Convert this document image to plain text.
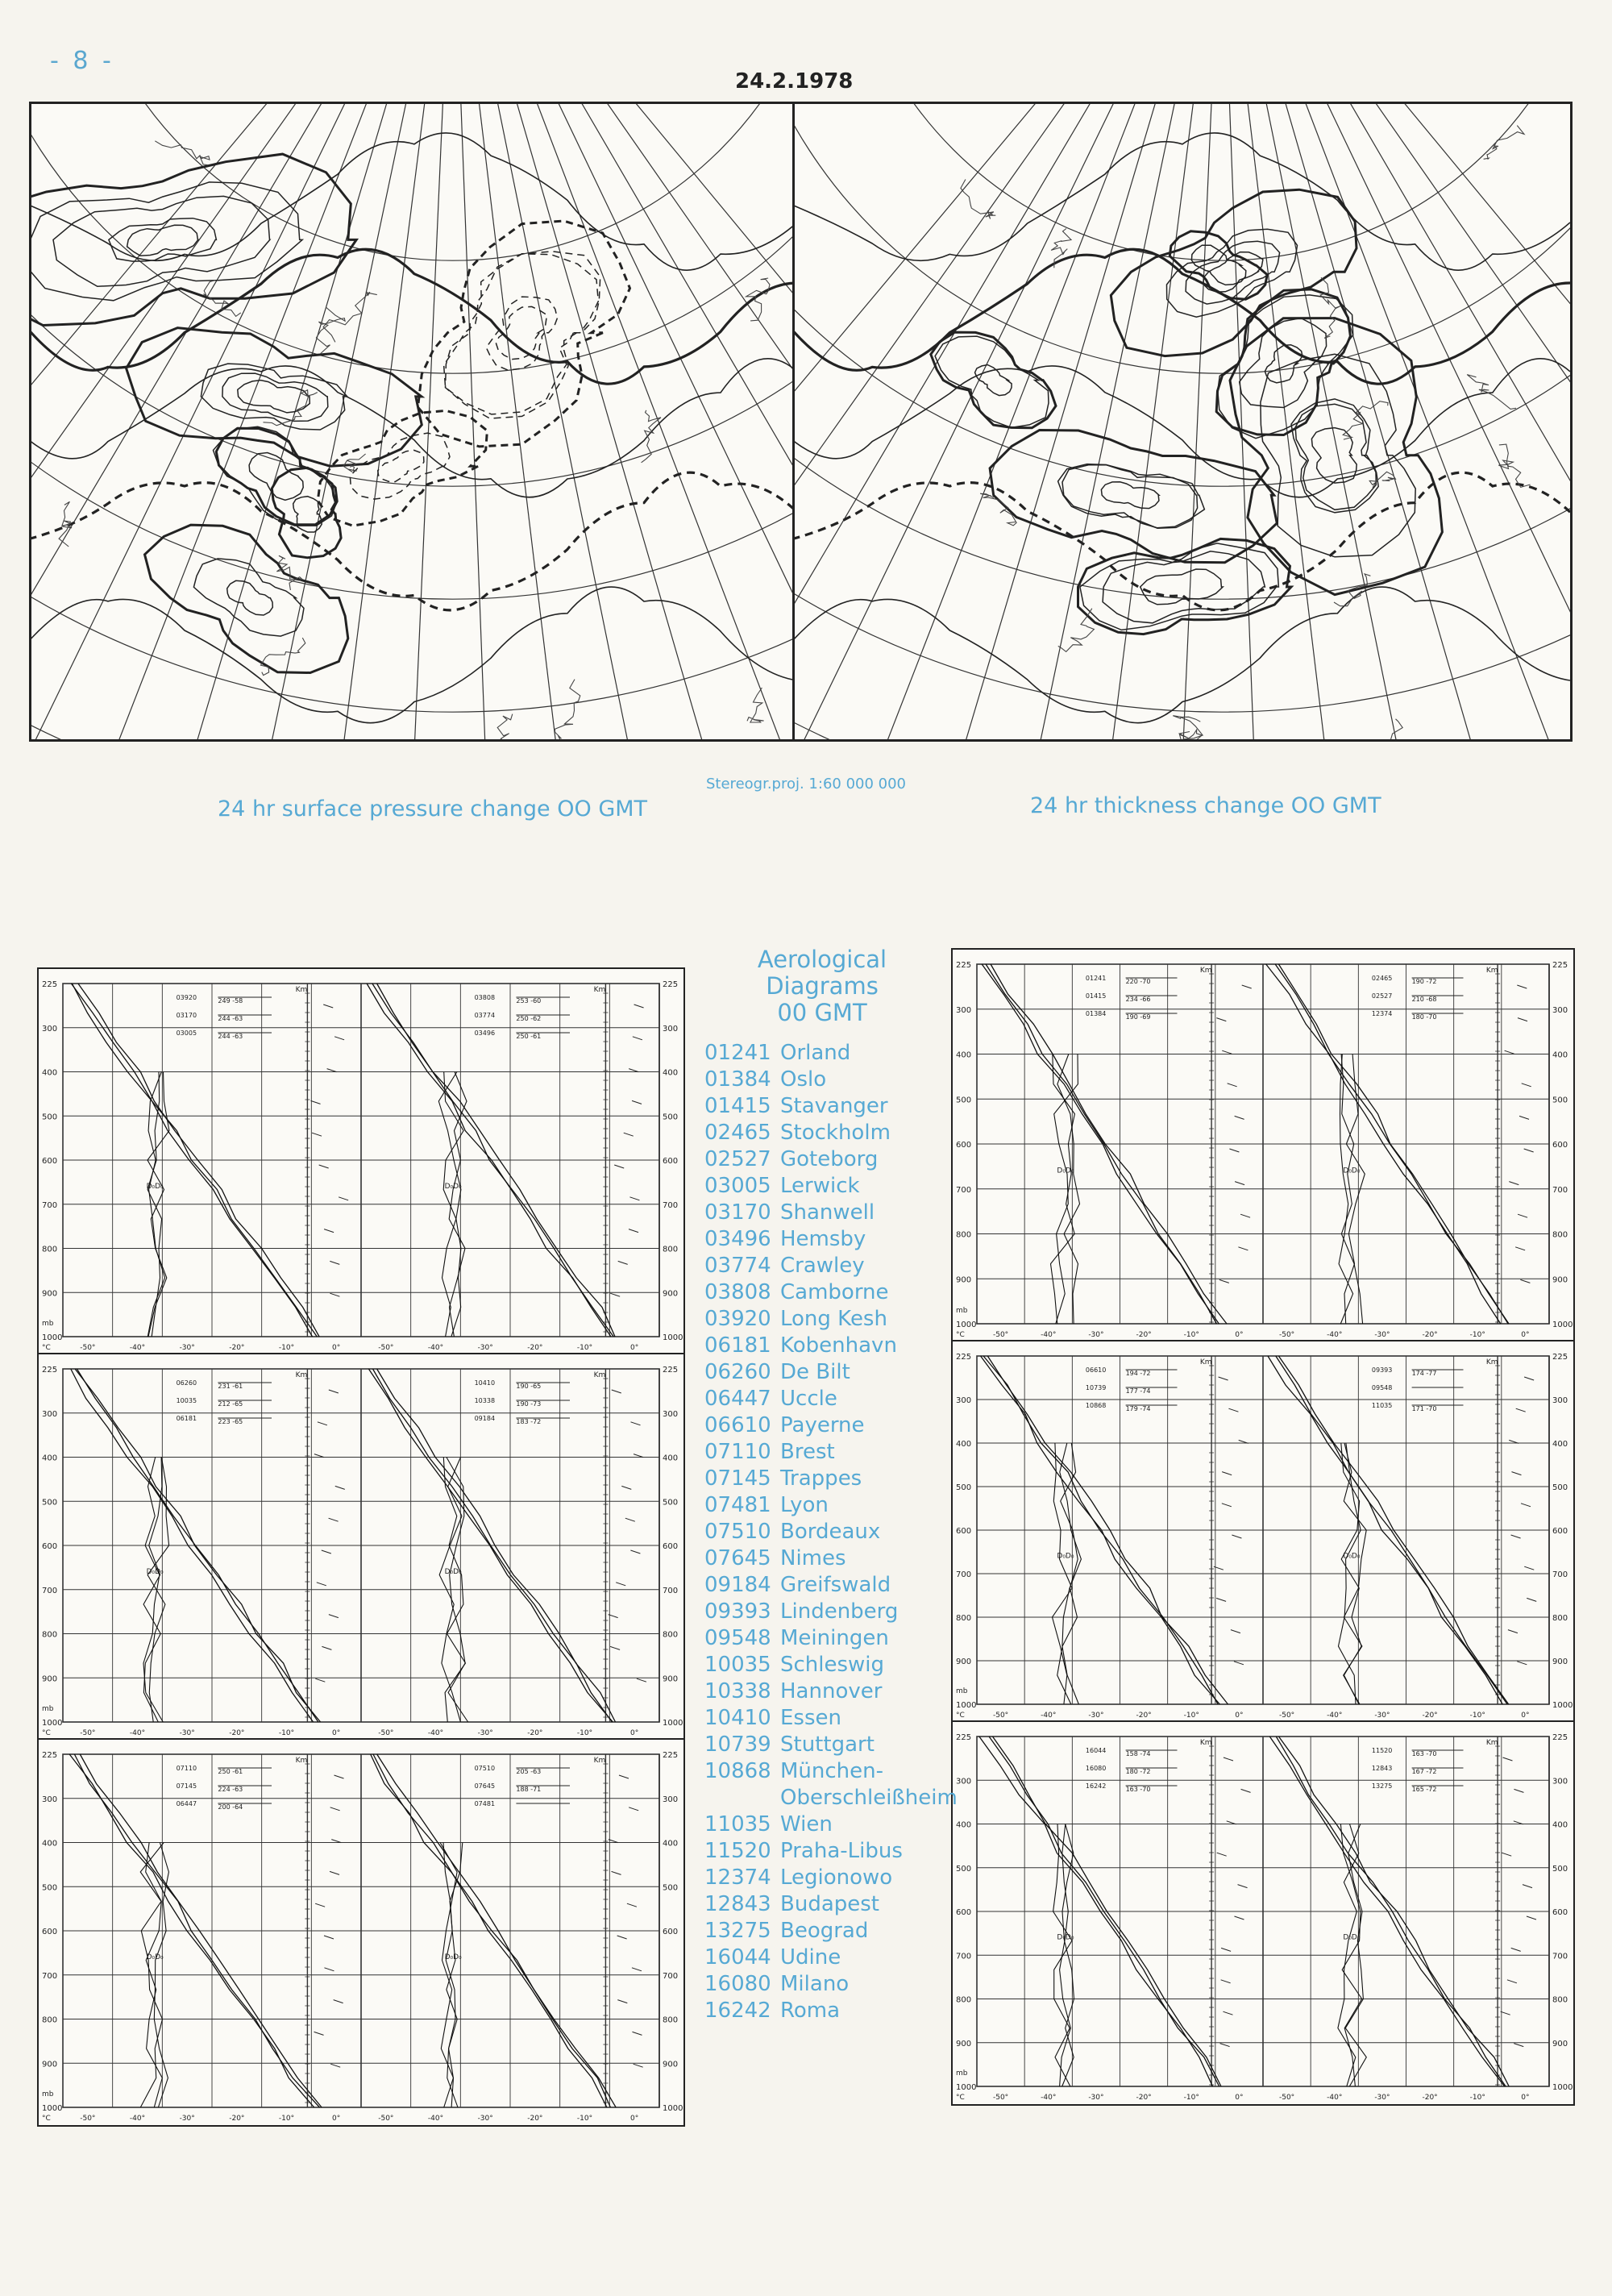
- 8 -
24.2.1978
24 hr surface pressure change OO GMT
Stereogr.proj. 1:60 000 000
24 hr thickness change OO GMT
225	225
300	300
400	400
500	500
600	600
700	700
800	800
900	900
1000	1000
-50°	-40°	-30°	-20°	-10°	0°
Km
D₀D₀
-50°	-40°	-30°	-20°	-10°	0°
Km
D₀D₀
mb
°C
03920	249 -58
03170	244 -63
03005	244 -63
03808	253 -60
03774	250 -62
03496	250 -61
225	225
300	300
400	400
500	500
600	600
700	700
800	800
900	900
1000	1000
-50°	-40°	-30°	-20°	-10°	0°
Km
D₀D₀
-50°	-40°	-30°	-20°	-10°	0°
Km
D₀D₀
mb
°C
06260	231 -61
10035	212 -65
06181	223 -65
10410	190 -65
10338	190 -73
09184	183 -72
225	225
300	300
400	400
500	500
600	600
700	700
800	800
900	900
1000	1000
-50°	-40°	-30°	-20°	-10°	0°
Km
D₀D₀
-50°	-40°	-30°	-20°	-10°	0°
Km
D₀D₀
mb
°C
07110	250 -61
07145	224 -63
06447	200 -64
07510	205 -63
07645	188 -71
07481
225	225
300	300
400	400
500	500
600	600
700	700
800	800
900	900
1000	1000
-50°	-40°	-30°	-20°	-10°	0°
Km
D₀D₀
-50°	-40°	-30°	-20°	-10°	0°
Km
D₀D₀
mb
°C
01241	220 -70
01415	234 -66
01384	190 -69
02465	190 -72
02527	210 -68
12374	180 -70
225	225
300	300
400	400
500	500
600	600
700	700
800	800
900	900
1000	1000
-50°	-40°	-30°	-20°	-10°	0°
Km
D₀D₀
-50°	-40°	-30°	-20°	-10°	0°
Km
D₀D₀
mb
°C
06610	194 -72
10739	177 -74
10868	179 -74
09393	174 -77
09548
11035	171 -70
225	225
300	300
400	400
500	500
600	600
700	700
800	800
900	900
1000	1000
-50°	-40°	-30°	-20°	-10°	0°
Km
D₀D₀
-50°	-40°	-30°	-20°	-10°	0°
Km
D₀D₀
mb
°C
16044	158 -74
16080	180 -72
16242	163 -70
11520	163 -70
12843	167 -72
13275	165 -72
Aerological
Diagrams
00 GMT
01241 Orland
01384 Oslo
01415 Stavanger
02465 Stockholm
02527 Goteborg
03005 Lerwick
03170 Shanwell
03496 Hemsby
03774 Crawley
03808 Camborne
03920 Long Kesh
06181 Kobenhavn
06260 De Bilt
06447 Uccle
06610 Payerne
07110 Brest
07145 Trappes
07481 Lyon
07510 Bordeaux
07645 Nimes
09184 Greifswald
09393 Lindenberg
09548 Meiningen
10035 Schleswig
10338 Hannover
10410 Essen
10739 Stuttgart
10868 München-
Oberschleißheim
11035 Wien
11520 Praha-Libus
12374 Legionowo
12843 Budapest
13275 Beograd
16044 Udine
16080 Milano
16242 Roma
